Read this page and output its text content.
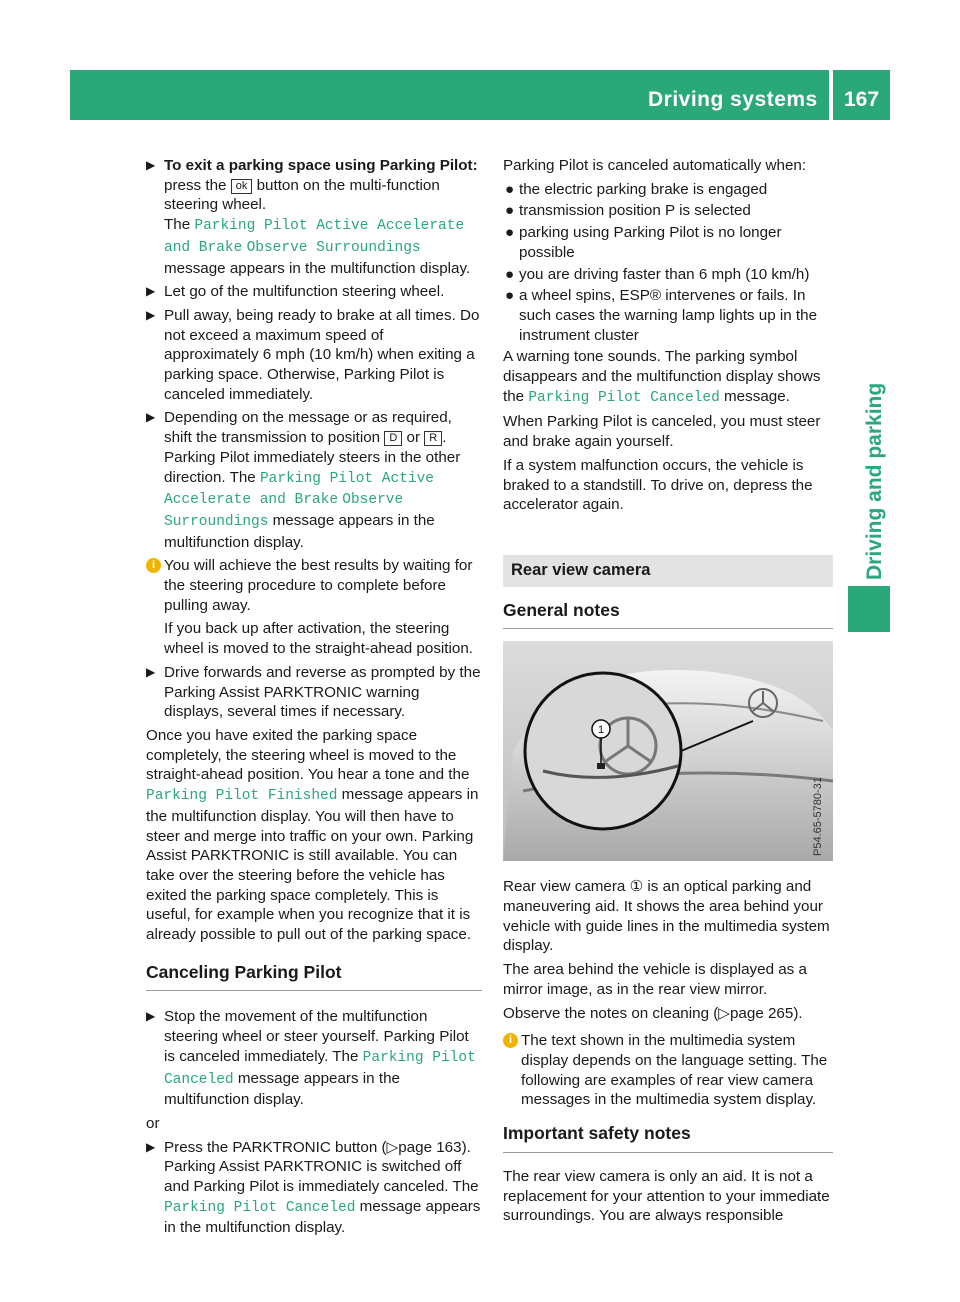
Driving systems 167
Driving and parking
▶ To exit a parking space using Parking Pilot: press the ok button on the multi-function steering wheel.
The Parking Pilot Active Accelerate and Brake Observe Surroundings message appears in the multifunction display.
▶ Let go of the multifunction steering wheel.
▶ Pull away, being ready to brake at all times. Do not exceed a maximum speed of approximately 6 mph (10 km/h) when exiting a parking space. Otherwise, Parking Pilot is canceled immediately.
▶ Depending on the message or as required, shift the transmission to position D or R . Parking Pilot immediately steers in the other direction. The Parking Pilot Active Accelerate and Brake Observe Surroundings message appears in the multifunction display.
i You will achieve the best results by waiting for the steering procedure to complete before pulling away.

If you back up after activation, the steering wheel is moved to the straight-ahead position.

▶ Drive forwards and reverse as prompted by the Parking Assist PARKTRONIC warning displays, several times if necessary.

Once you have exited the parking space completely, the steering wheel is moved to the straight-ahead position. You hear a tone and the Parking Pilot Finished message appears in the multifunction display. You will then have to steer and merge into traffic on your own. Parking Assist PARKTRONIC is still available. You can take over the steering before the vehicle has exited the parking space completely. This is useful, for example when you recognize that it is already possible to pull out of the parking space.

Canceling Parking Pilot
▶ Stop the movement of the multifunction steering wheel or steer yourself. Parking Pilot is canceled immediately. The Parking Pilot Canceled message appears in the multifunction display.

or

▶ Press the PARKTRONIC button (▷page 163). Parking Assist PARKTRONIC is switched off and Parking Pilot is immediately canceled. The Parking Pilot Canceled message appears in the multifunction display.

Parking Pilot is canceled automatically when:

● the electric parking brake is engaged
● transmission position P is selected
● parking using Parking Pilot is no longer possible
● you are driving faster than 6 mph (10 km/h)
● a wheel spins, ESP® intervenes or fails. In such cases the warning lamp lights up in the instrument cluster

A warning tone sounds. The parking symbol disappears and the multifunction display shows the Parking Pilot Canceled message.

When Parking Pilot is canceled, you must steer and brake again yourself.

If a system malfunction occurs, the vehicle is braked to a standstill. To drive on, depress the accelerator again.

Rear view camera
General notes
1
P54.65-5780-31

Rear view camera ① is an optical parking and maneuvering aid. It shows the area behind your vehicle with guide lines in the multimedia system display.

The area behind the vehicle is displayed as a mirror image, as in the rear view mirror.

Observe the notes on cleaning (▷page 265).

i The text shown in the multimedia system display depends on the language setting. The following are examples of rear view camera messages in the multimedia system display.

Important safety notes

The rear view camera is only an aid. It is not a replacement for your attention to your immediate surroundings. You are always responsible
